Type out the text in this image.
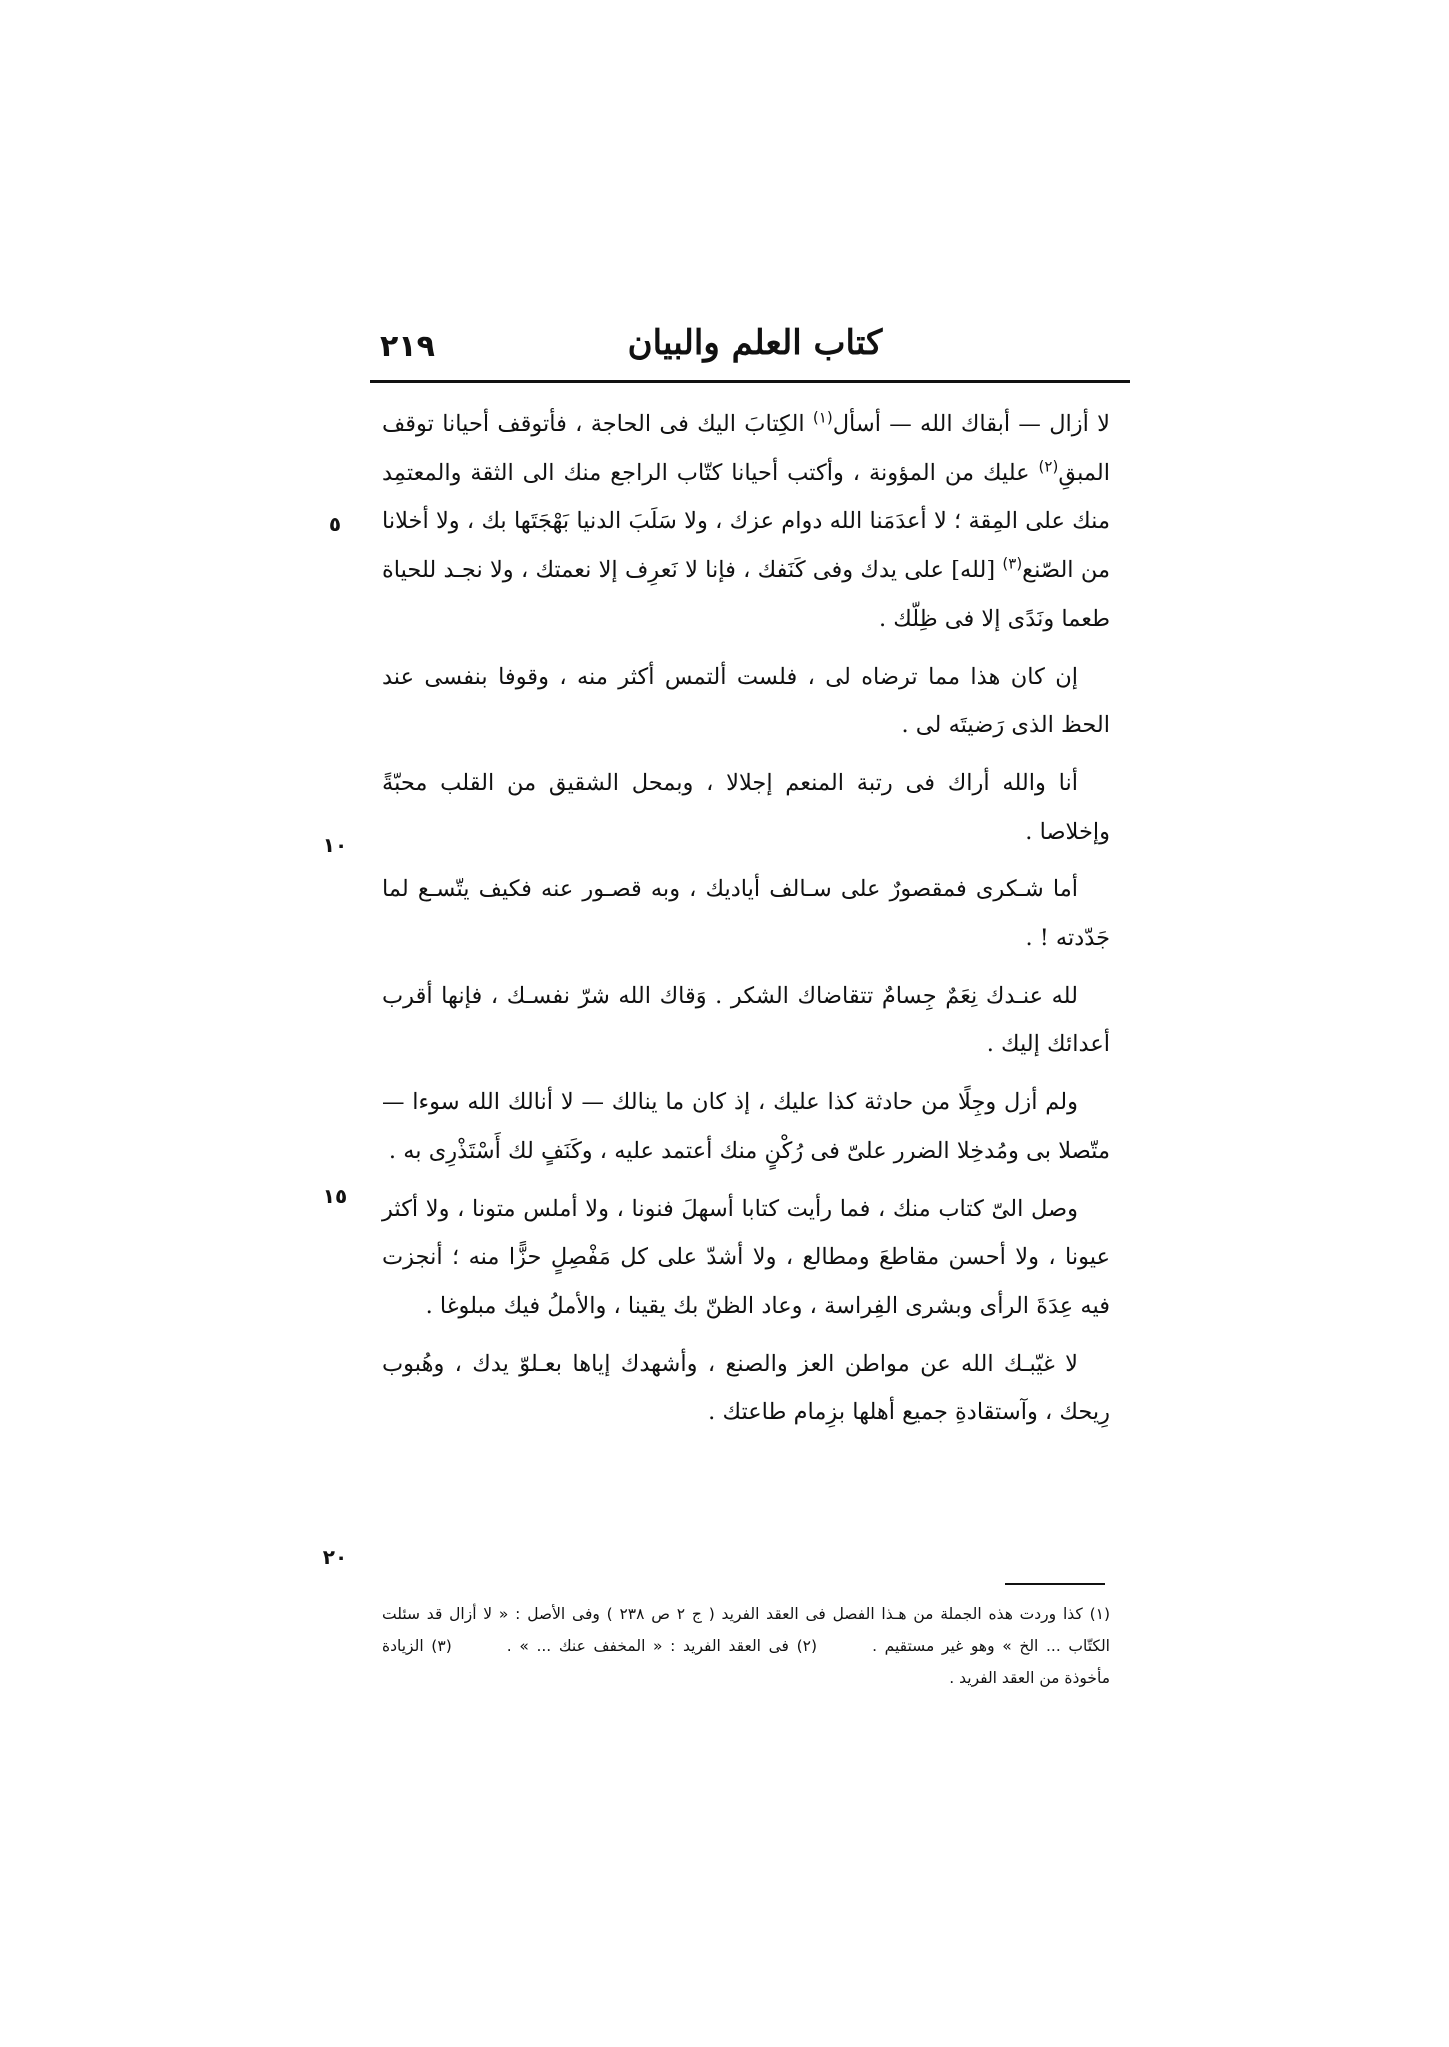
٢١٩	كتاب العلم والبيان
٥
١٠
١٥
٢٠

لا أزال — أبقاك الله — أسأل$^{(١)}$ الكِتابَ اليك فى الحاجة ، فأتوقف أحيانا توقف المبقِ$^{(٢)}$ عليك من المؤونة ، وأكتب أحيانا كتّاب الراجع منك الى الثقة والمعتمِد منك على المِقة ؛ لا أعدَمَنا الله دوام عزك ، ولا سَلَبَ الدنيا بَهْجَتَها بك ، ولا أخلانا من الصّنع$^{(٣)}$ [لله] على يدك وفى كَنَفك ، فإنا لا نَعرِف إلا نعمتك ، ولا نجـد للحياة طعما ونَدًى إلا فى ظِلّك .

إن كان هذا مما ترضاه لى ، فلست ألتمس أكثر منه ، وقوفا بنفسى عند الحظ الذى رَضيتَه لى .

أنا والله أراك فى رتبة المنعم إجلالا ، وبمحل الشقيق من القلب محبّةً وإخلاصا .

أما شـكرى فمقصورٌ على سـالف أياديك ، وبه قصـور عنه فكيف يتّسـع لما جَدّدته ! .

لله عنـدك نِعَمٌ جِسامٌ تتقاضاك الشكر . وَقاك الله شرّ نفسـك ، فإنها أقرب أعدائك إليك .

ولم أزل وجِلًا من حادثة كذا عليك ، إذ كان ما ينالك — لا أنالك الله سوءا — متّصلا بى ومُدخِلا الضرر علىّ فى رُكْنٍ منك أعتمد عليه ، وكَنَفٍ لك أَسْتَذْرِى به .

وصل الىّ كتاب منك ، فما رأيت كتابا أسهلَ فنونا ، ولا أملس متونا ، ولا أكثر عيونا ، ولا أحسن مقاطعَ ومطالع ، ولا أشدّ على كل مَفْصِلٍ حزًّا منه ؛ أنجزت فيه عِدَةَ الرأى وبشرى الفِراسة ، وعاد الظنّ بك يقينا ، والأملُ فيك مبلوغا .

لا غيّبـك الله عن مواطن العز والصنع ، وأشهدك إياها بعـلوّ يدك ، وهُبوب رِيحك ، وآستقادةِ جميع أهلها بزِمام طاعتك .

(١) كذا وردت هذه الجملة من هـذا الفصل فى العقد الفريد ( ج ٢ ص ٢٣٨ ) وفى الأصل : « لا أزال قد سئلت الكتّاب ... الخ » وهو غير مستقيم .(٢) فى العقد الفريد : « المخفف عنك ... » .(٣) الزيادة مأخوذة من العقد الفريد .
